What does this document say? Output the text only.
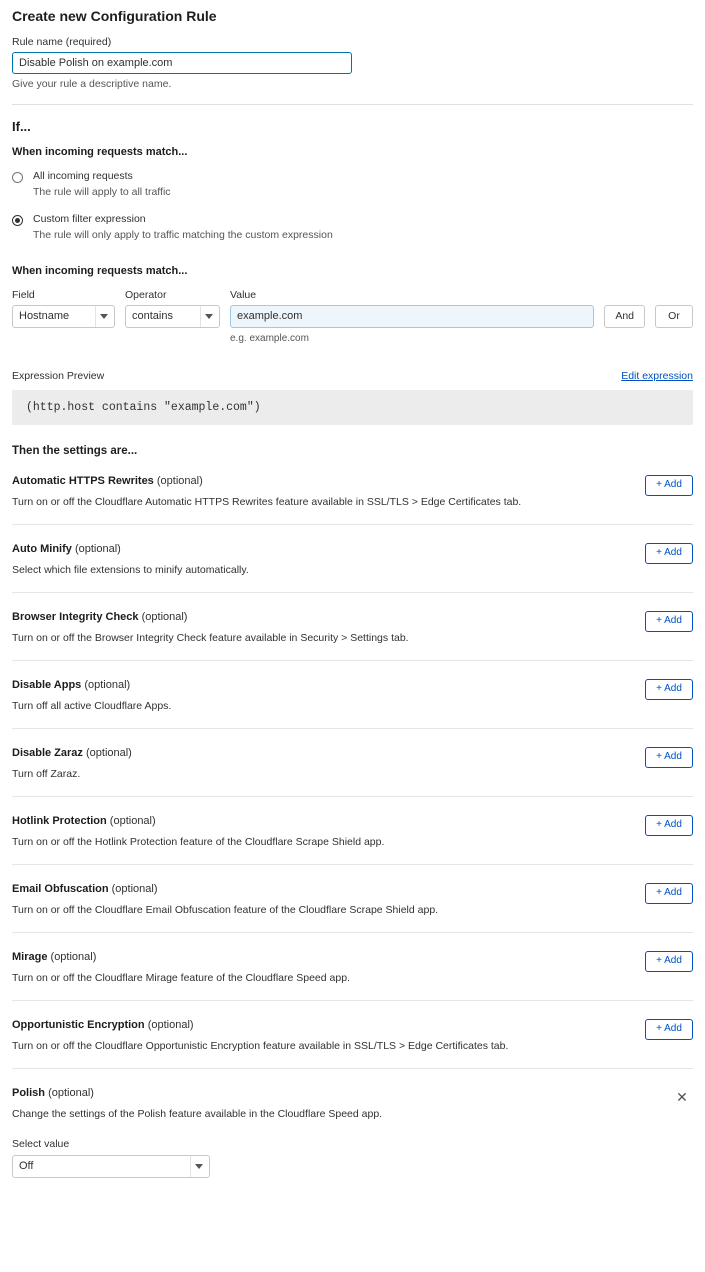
Create new Configuration Rule
Rule name (required)
Disable Polish on example.com
Give your rule a descriptive name.
If...
When incoming requests match...
All incoming requests
The rule will apply to all traffic
Custom filter expression
The rule will only apply to traffic matching the custom expression
When incoming requests match...
Field
Hostname
Operator
contains
Value
example.com
e.g. example.com
And	Or
Expression Preview	Edit expression
(http.host contains "example.com")
Then the settings are...
Automatic HTTPS Rewrites (optional)
Turn on or off the Cloudflare Automatic HTTPS Rewrites feature available in SSL/TLS > Edge Certificates tab.
+ Add
Auto Minify (optional)
Select which file extensions to minify automatically.
+ Add
Browser Integrity Check (optional)
Turn on or off the Browser Integrity Check feature available in Security > Settings tab.
+ Add
Disable Apps (optional)
Turn off all active Cloudflare Apps.
+ Add
Disable Zaraz (optional)
Turn off Zaraz.
+ Add
Hotlink Protection (optional)
Turn on or off the Hotlink Protection feature of the Cloudflare Scrape Shield app.
+ Add
Email Obfuscation (optional)
Turn on or off the Cloudflare Email Obfuscation feature of the Cloudflare Scrape Shield app.
+ Add
Mirage (optional)
Turn on or off the Cloudflare Mirage feature of the Cloudflare Speed app.
+ Add
Opportunistic Encryption (optional)
Turn on or off the Cloudflare Opportunistic Encryption feature available in SSL/TLS > Edge Certificates tab.
+ Add
Polish (optional)
Change the settings of the Polish feature available in the Cloudflare Speed app.
✕
Select value
Off
